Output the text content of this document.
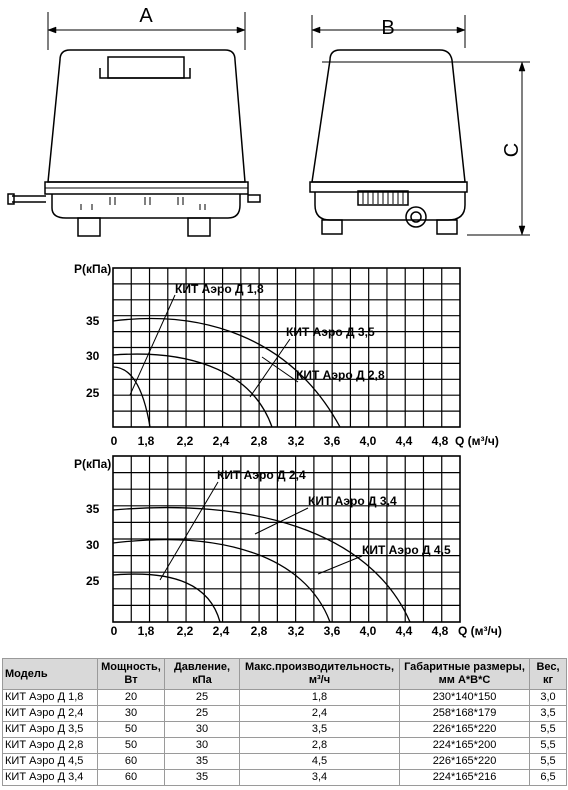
A
B
C
P(кПа)
Q (м³/ч)
35
30
25
0 1,8 2,2 2,4 2,8 3,2 3,6 4,0 4,4 4,8
КИТ Аэро Д 1,8
КИТ Аэро Д 3,5
КИТ Аэро Д 2,8
P(кПа)
Q (м³/ч)
35
30
25
0 1,8 2,2 2,4 2,8 3,2 3,6 4,0 4,4 4,8
КИТ Аэро Д 2,4
КИТ Аэро Д 3,4
КИТ Аэро Д 4,5
Модель	Мощность, Вт	Давление, кПа	Макс.производительность, м³/ч	Габаритные размеры, мм А*В*С	Вес, кг
КИТ Аэро Д 1,8	20	25	1,8	230*140*150	3,0
КИТ Аэро Д 2,4	30	25	2,4	258*168*179	3,5
КИТ Аэро Д 3,5	50	30	3,5	226*165*220	5,5
КИТ Аэро Д 2,8	50	30	2,8	224*165*200	5,5
КИТ Аэро Д 4,5	60	35	4,5	226*165*220	5,5
КИТ Аэро Д 3,4	60	35	3,4	224*165*216	6,5
